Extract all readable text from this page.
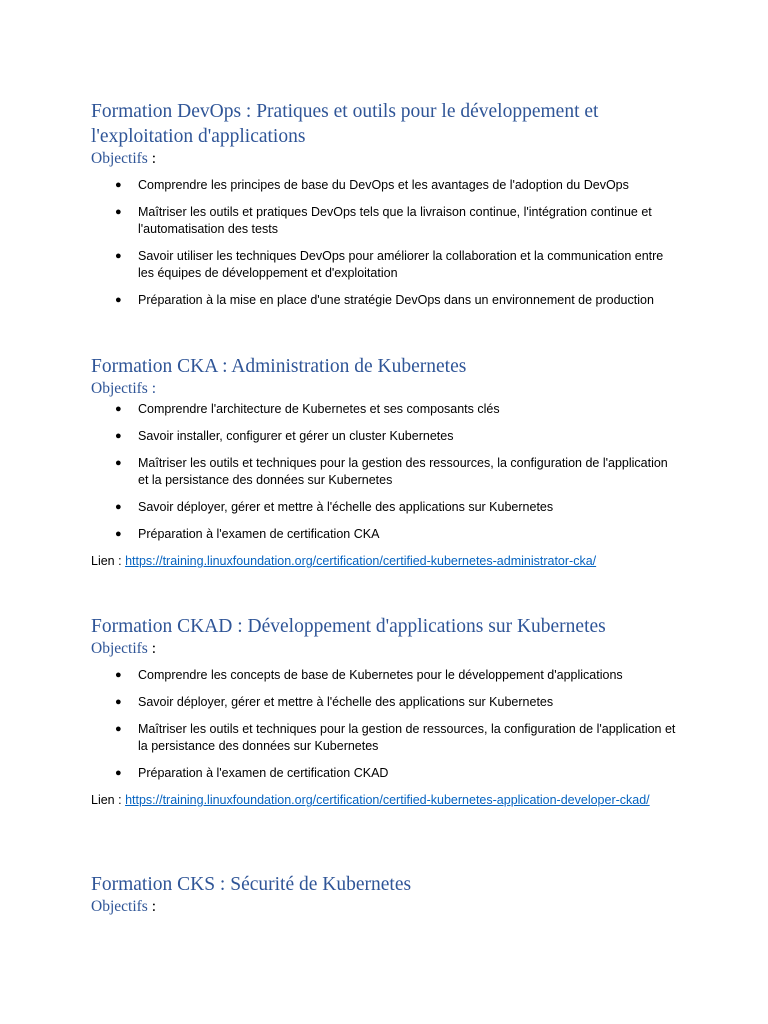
Formation DevOps : Pratiques et outils pour le développement et l'exploitation d'applications

Objectifs :

● Comprendre les principes de base du DevOps et les avantages de l'adoption du DevOps
● Maîtriser les outils et pratiques DevOps tels que la livraison continue, l'intégration continue et l'automatisation des tests
● Savoir utiliser les techniques DevOps pour améliorer la collaboration et la communication entre les équipes de développement et d'exploitation
● Préparation à la mise en place d'une stratégie DevOps dans un environnement de production
Formation CKA : Administration de Kubernetes

Objectifs :

● Comprendre l'architecture de Kubernetes et ses composants clés
● Savoir installer, configurer et gérer un cluster Kubernetes
● Maîtriser les outils et techniques pour la gestion des ressources, la configuration de l'application et la persistance des données sur Kubernetes
● Savoir déployer, gérer et mettre à l'échelle des applications sur Kubernetes
● Préparation à l'examen de certification CKA

Lien : https://training.linuxfoundation.org/certification/certified-kubernetes-administrator-cka/

Formation CKAD : Développement d'applications sur Kubernetes

Objectifs :

● Comprendre les concepts de base de Kubernetes pour le développement d'applications
● Savoir déployer, gérer et mettre à l'échelle des applications sur Kubernetes
● Maîtriser les outils et techniques pour la gestion de ressources, la configuration de l'application et la persistance des données sur Kubernetes
● Préparation à l'examen de certification CKAD

Lien : https://training.linuxfoundation.org/certification/certified-kubernetes-application-developer-ckad/

Formation CKS : Sécurité de Kubernetes

Objectifs :
